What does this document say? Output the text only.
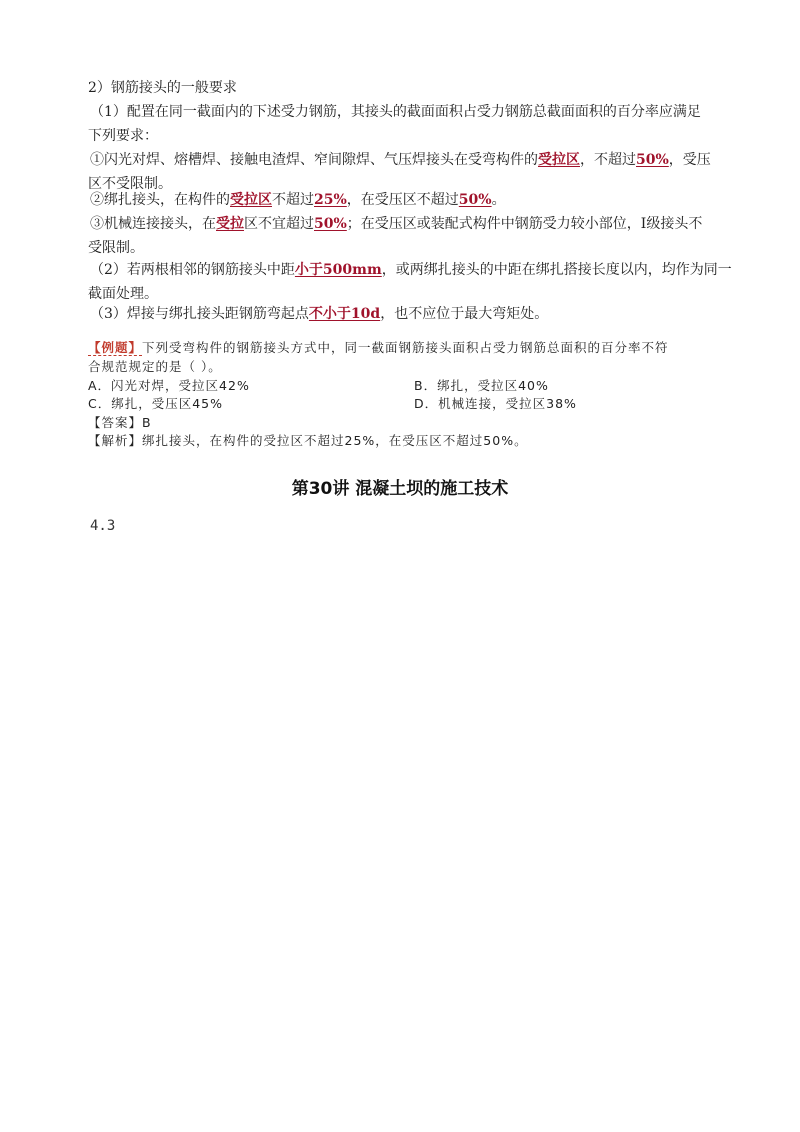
2）钢筋接头的一般要求
（1）配置在同一截面内的下述受力钢筋，其接头的截面面积占受力钢筋总截面面积的百分率应满足
下列要求：
①闪光对焊、熔槽焊、接触电渣焊、窄间隙焊、气压焊接头在受弯构件的受拉区，不超过50%，受压
区不受限制。
②绑扎接头，在构件的受拉区不超过25%，在受压区不超过50%。
③机械连接接头，在受拉区不宜超过50%；在受压区或装配式构件中钢筋受力较小部位，Ⅰ级接头不
受限制。
（2）若两根相邻的钢筋接头中距小于500mm，或两绑扎接头的中距在绑扎搭接长度以内，均作为同一
截面处理。
（3）焊接与绑扎接头距钢筋弯起点不小于10d，也不应位于最大弯矩处。
【例题】下列受弯构件的钢筋接头方式中，同一截面钢筋接头面积占受力钢筋总面积的百分率不符
合规范规定的是（ ）。
A．闪光对焊，受拉区42%	B．绑扎，受拉区40%
C．绑扎，受压区45%	D．机械连接，受拉区38%
【答案】B
【解析】绑扎接头，在构件的受拉区不超过25%，在受压区不超过50%。
第30讲 混凝土坝的施工技术
4.3
